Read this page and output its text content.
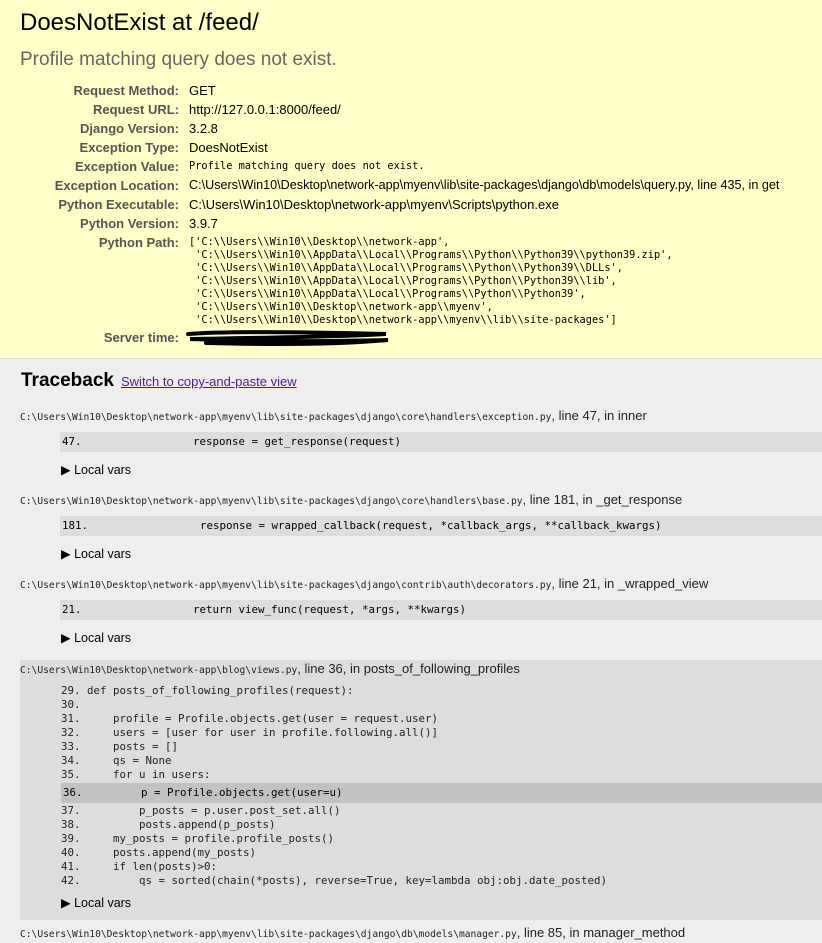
DoesNotExist at /feed/
Profile matching query does not exist.
Request Method: GET
Request URL: http://127.0.0.1:8000/feed/
Django Version: 3.2.8
Exception Type: DoesNotExist
Exception Value: Profile matching query does not exist.
Exception Location: C:\Users\Win10\Desktop\network-app\myenv\lib\site-packages\django\db\models\query.py, line 435, in get
Python Executable: C:\Users\Win10\Desktop\network-app\myenv\Scripts\python.exe
Python Version: 3.9.7
Python Path: ['C:\\Users\\Win10\\Desktop\\network-app',
'C:\\Users\\Win10\\AppData\\Local\\Programs\\Python\\Python39\\python39.zip',
'C:\\Users\\Win10\\AppData\\Local\\Programs\\Python\\Python39\\DLLs',
'C:\\Users\\Win10\\AppData\\Local\\Programs\\Python\\Python39\\lib',
'C:\\Users\\Win10\\AppData\\Local\\Programs\\Python\\Python39',
'C:\\Users\\Win10\\Desktop\\network-app\\myenv',
'C:\\Users\\Win10\\Desktop\\network-app\\myenv\\lib\\site-packages']
Server time:
Traceback Switch to copy-and-paste view
C:\Users\Win10\Desktop\network-app\myenv\lib\site-packages\django\core\handlers\exception.py, line 47, in inner
47.	response = get_response(request)
▶ Local vars
C:\Users\Win10\Desktop\network-app\myenv\lib\site-packages\django\core\handlers\base.py, line 181, in _get_response
181.	response = wrapped_callback(request, *callback_args, **callback_kwargs)
▶ Local vars
C:\Users\Win10\Desktop\network-app\myenv\lib\site-packages\django\contrib\auth\decorators.py, line 21, in _wrapped_view
21.	return view_func(request, *args, **kwargs)
▶ Local vars
C:\Users\Win10\Desktop\network-app\blog\views.py, line 36, in posts_of_following_profiles
29. def posts_of_following_profiles(request):
30.
31.     profile = Profile.objects.get(user = request.user)
32.     users = [user for user in profile.following.all()]
33.     posts = []
34.     qs = None
35.     for u in users:
36.	p = Profile.objects.get(user=u)
37.         p_posts = p.user.post_set.all()
38.         posts.append(p_posts)
39.     my_posts = profile.profile_posts()
40.     posts.append(my_posts)
41.     if len(posts)>0:
42.         qs = sorted(chain(*posts), reverse=True, key=lambda obj:obj.date_posted)
▶ Local vars
C:\Users\Win10\Desktop\network-app\myenv\lib\site-packages\django\db\models\manager.py, line 85, in manager_method
